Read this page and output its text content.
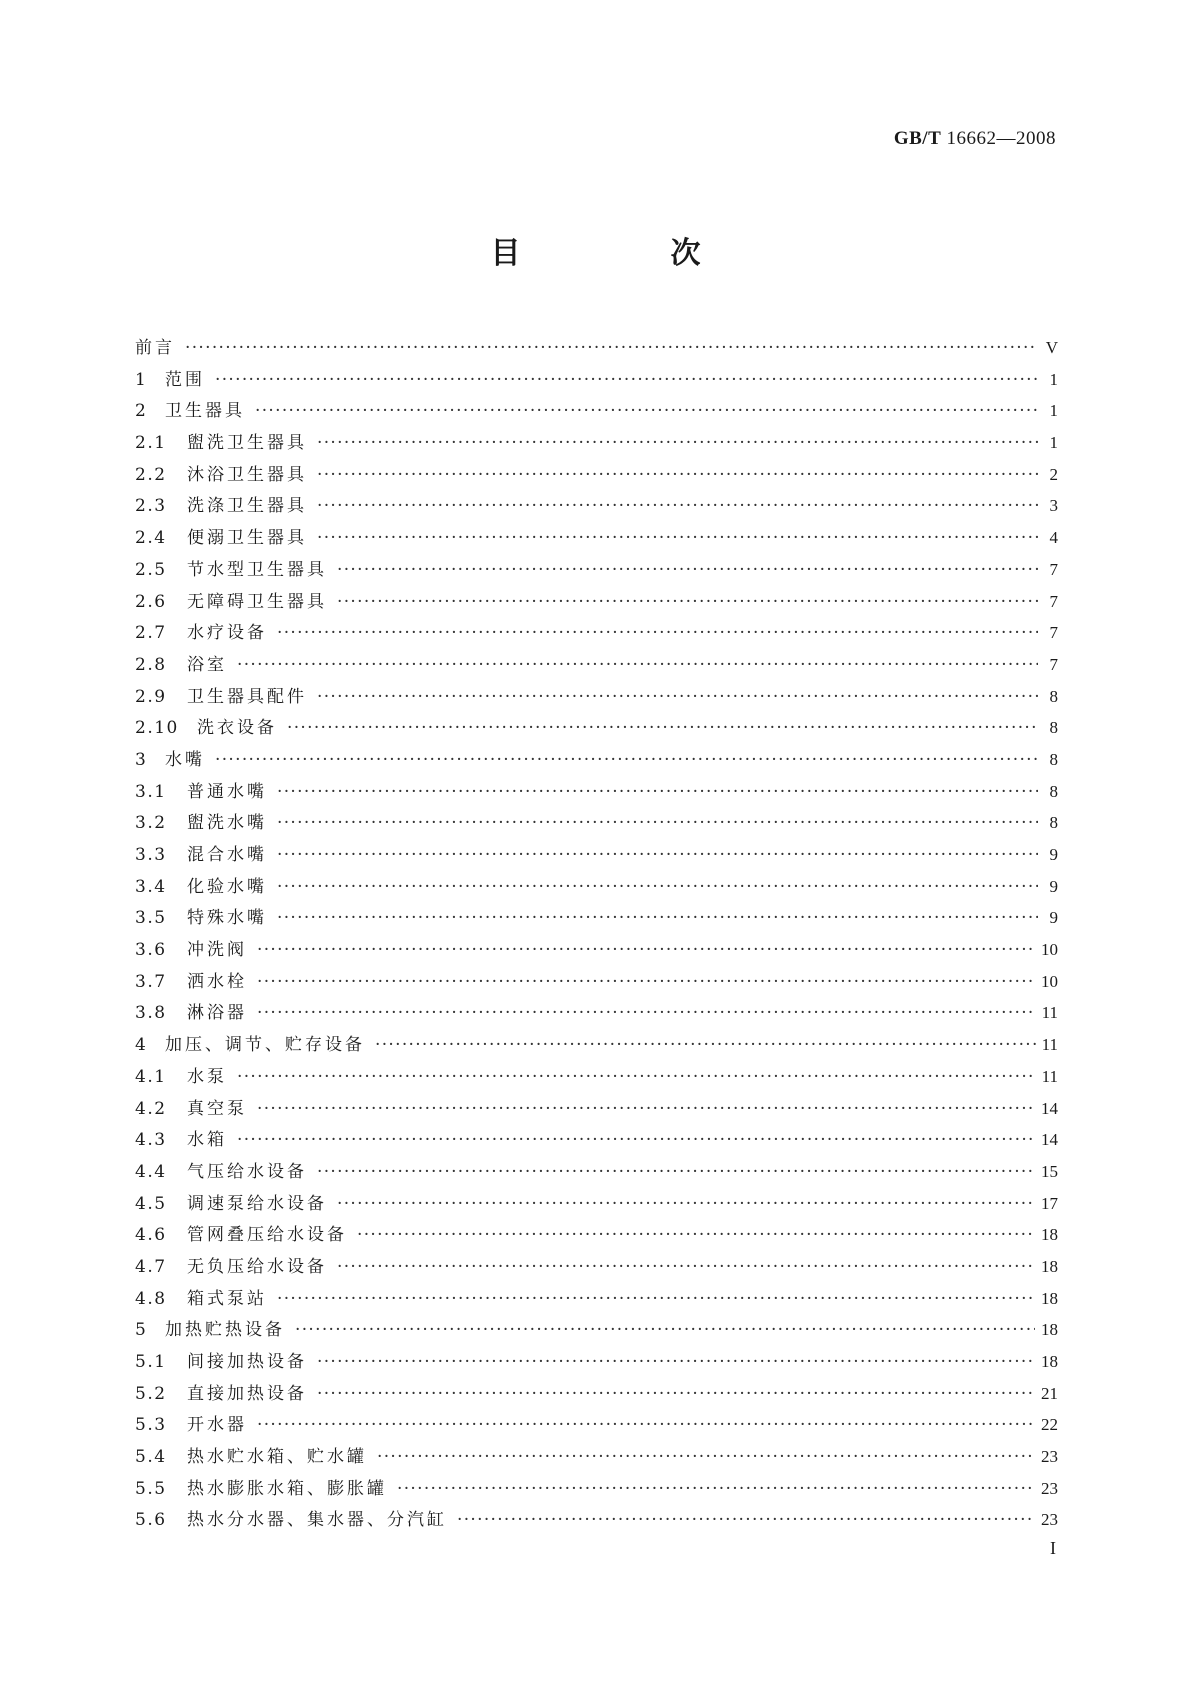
GB/T 16662—2008
目　次
前言 ·····	V
1	范围 ·····	1
2	卫生器具 ·····	1
2.1	盥洗卫生器具 ·····	1
2.2	沐浴卫生器具 ·····	2
2.3	洗涤卫生器具 ·····	3
2.4	便溺卫生器具 ·····	4
2.5	节水型卫生器具 ·····	7
2.6	无障碍卫生器具 ·····	7
2.7	水疗设备 ·····	7
2.8	浴室 ·····	7
2.9	卫生器具配件 ·····	8
2.10	洗衣设备 ·····	8
3	水嘴 ·····	8
3.1	普通水嘴 ·····	8
3.2	盥洗水嘴 ·····	8
3.3	混合水嘴 ·····	9
3.4	化验水嘴 ·····	9
3.5	特殊水嘴 ·····	9
3.6	冲洗阀 ·····	10
3.7	洒水栓 ·····	10
3.8	淋浴器 ·····	11
4	加压、调节、贮存设备 ·····	11
4.1	水泵 ·····	11
4.2	真空泵 ·····	14
4.3	水箱 ·····	14
4.4	气压给水设备 ·····	15
4.5	调速泵给水设备 ·····	17
4.6	管网叠压给水设备 ·····	18
4.7	无负压给水设备 ·····	18
4.8	箱式泵站 ·····	18
5	加热贮热设备 ·····	18
5.1	间接加热设备 ·····	18
5.2	直接加热设备 ·····	21
5.3	开水器 ·····	22
5.4	热水贮水箱、贮水罐 ·····	23
5.5	热水膨胀水箱、膨胀罐 ·····	23
5.6	热水分水器、集水器、分汽缸 ·····	23
I
